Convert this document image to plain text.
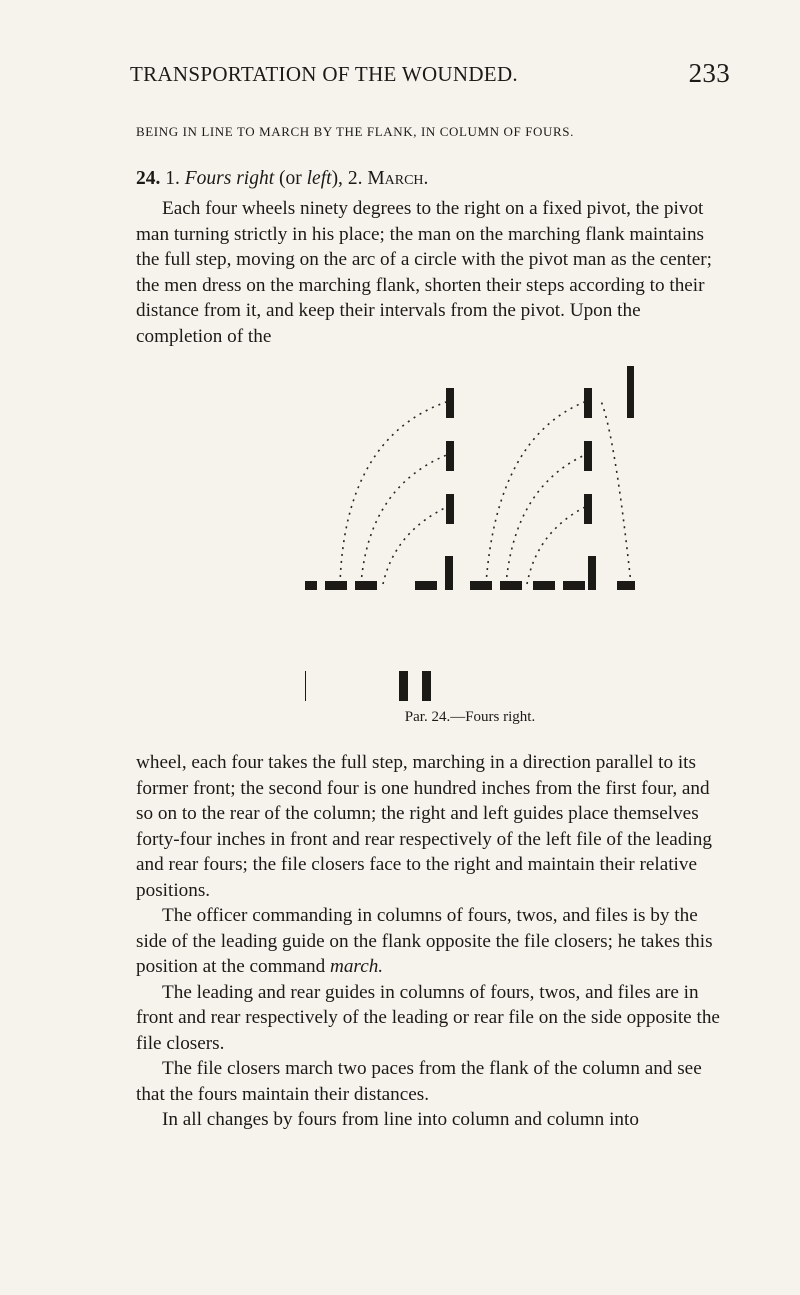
TRANSPORTATION OF THE WOUNDED.	233
BEING IN LINE TO MARCH BY THE FLANK, IN COLUMN OF FOURS.
24. 1. Fours right (or left), 2. March.

Each four wheels ninety degrees to the right on a fixed pivot, the pivot man turning strictly in his place; the man on the marching flank maintains the full step, moving on the arc of a circle with the pivot man as the center; the men dress on the marching flank, shorten their steps according to their distance from it, and keep their intervals from the pivot. Upon the completion of the

Par. 24.—Fours right.

wheel, each four takes the full step, marching in a direction parallel to its former front; the second four is one hundred inches from the first four, and so on to the rear of the column; the right and left guides place themselves forty-four inches in front and rear respectively of the left file of the leading and rear fours; the file closers face to the right and maintain their relative positions.

The officer commanding in columns of fours, twos, and files is by the side of the leading guide on the flank opposite the file closers; he takes this position at the command march.

The leading and rear guides in columns of fours, twos, and files are in front and rear respectively of the leading or rear file on the side opposite the file closers.

The file closers march two paces from the flank of the column and see that the fours maintain their distances.

In all changes by fours from line into column and column into
